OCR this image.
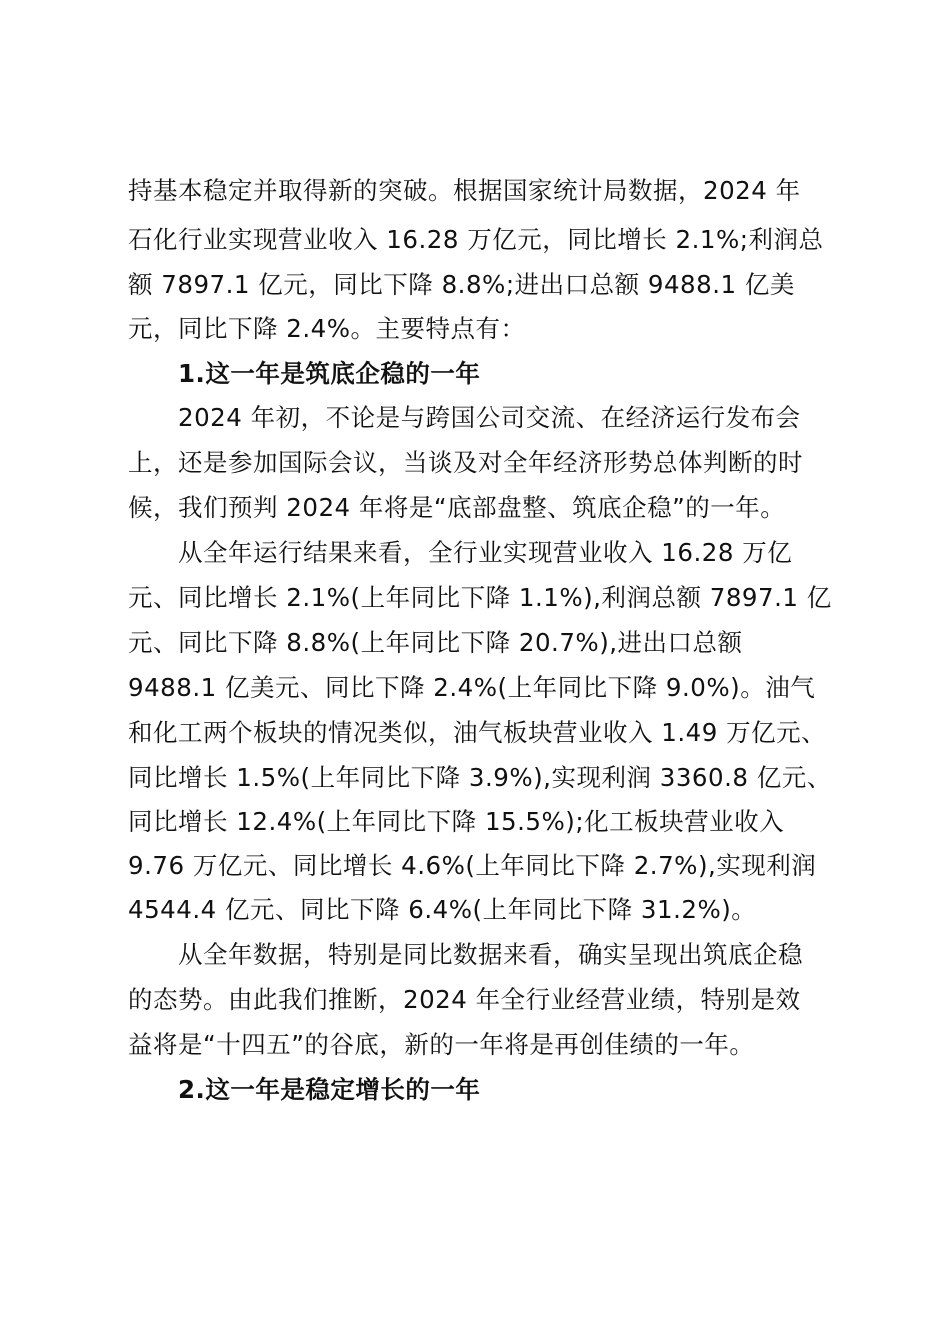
持基本稳定并取得新的突破。根据国家统计局数据，2024 年
石化行业实现营业收入 16.28 万亿元，同比增长 2.1%;利润总
额 7897.1 亿元，同比下降 8.8%;进出口总额 9488.1 亿美
元，同比下降 2.4%。主要特点有：
1.这一年是筑底企稳的一年
2024 年初，不论是与跨国公司交流、在经济运行发布会
上，还是参加国际会议，当谈及对全年经济形势总体判断的时
候，我们预判 2024 年将是“底部盘整、筑底企稳”的一年。
从全年运行结果来看，全行业实现营业收入 16.28 万亿
元、同比增长 2.1%(上年同比下降 1.1%),利润总额 7897.1 亿
元、同比下降 8.8%(上年同比下降 20.7%),进出口总额
9488.1 亿美元、同比下降 2.4%(上年同比下降 9.0%)。油气
和化工两个板块的情况类似，油气板块营业收入 1.49 万亿元、
同比增长 1.5%(上年同比下降 3.9%),实现利润 3360.8 亿元、
同比增长 12.4%(上年同比下降 15.5%);化工板块营业收入
9.76 万亿元、同比增长 4.6%(上年同比下降 2.7%),实现利润
4544.4 亿元、同比下降 6.4%(上年同比下降 31.2%)。
从全年数据，特别是同比数据来看，确实呈现出筑底企稳
的态势。由此我们推断，2024 年全行业经营业绩，特别是效
益将是“十四五”的谷底，新的一年将是再创佳绩的一年。
2.这一年是稳定增长的一年
